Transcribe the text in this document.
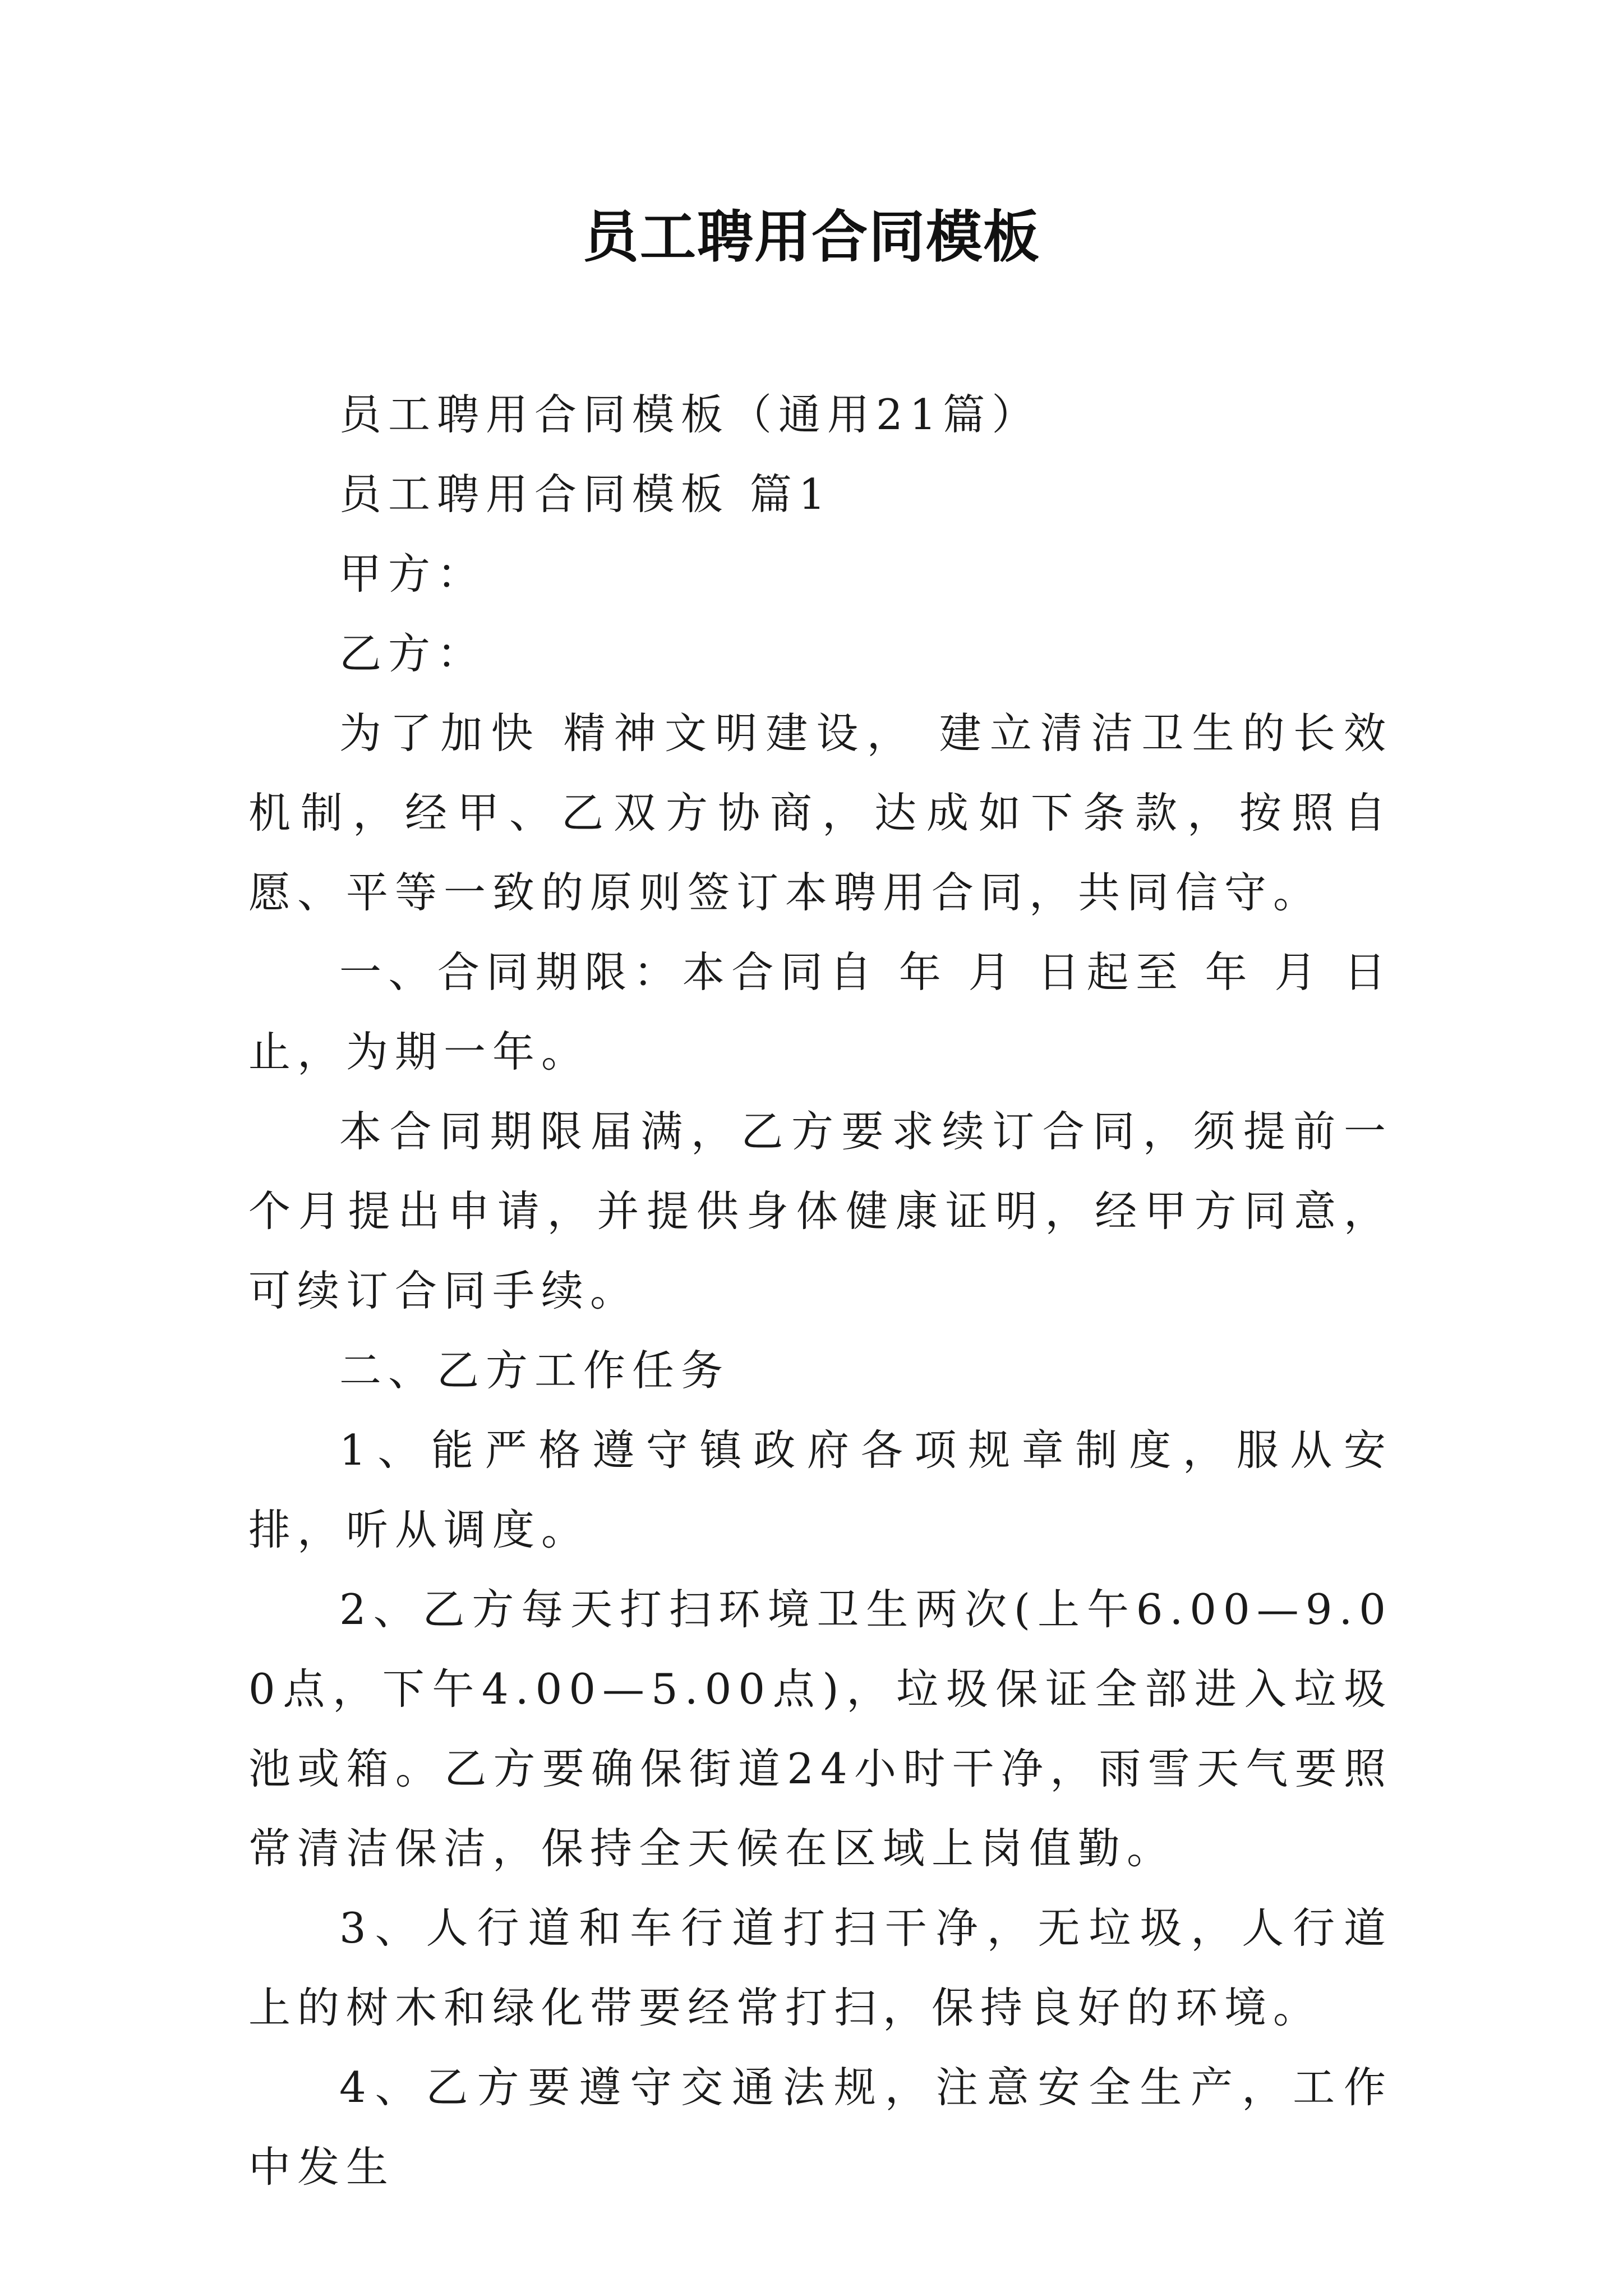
员工聘用合同模板

员工聘用合同模板（通用21篇）

员工聘用合同模板 篇1

甲方：

乙方：

为了加快 精神文明建设， 建立清洁卫生的长效机制，经甲、乙双方协商，达成如下条款，按照自愿、平等一致的原则签订本聘用合同，共同信守。

一、合同期限：本合同自 年 月 日起至 年 月 日止，为期一年。

本合同期限届满，乙方要求续订合同，须提前一个月提出申请，并提供身体健康证明，经甲方同意，可续订合同手续。

二、乙方工作任务

1、能严格遵守镇政府各项规章制度，服从安排，听从调度。

2、乙方每天打扫环境卫生两次(上午6.00—9.00点，下午4.00—5.00点)，垃圾保证全部进入垃圾池或箱。乙方要确保街道24小时干净，雨雪天气要照常清洁保洁，保持全天候在区域上岗值勤。

3、人行道和车行道打扫干净，无垃圾，人行道上的树木和绿化带要经常打扫，保持良好的环境。

4、乙方要遵守交通法规，注意安全生产，工作中发生
